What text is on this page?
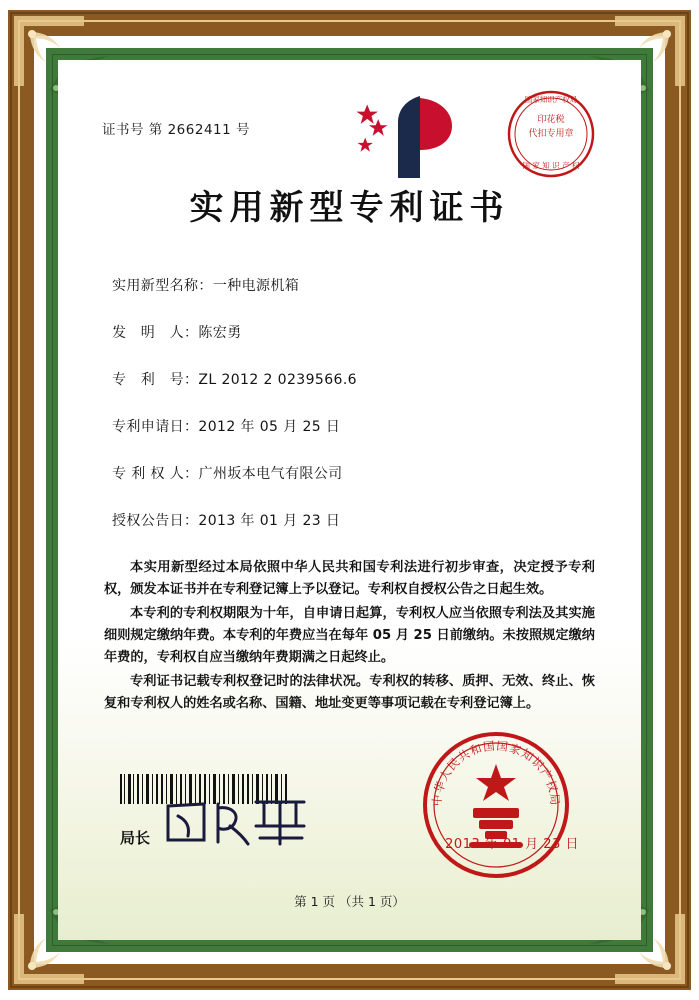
证书号 第 2662411 号
印花税
代扣专用章
国家知识产权局
国 家 知 识 产 权
实用新型专利证书
实用新型名称：一种电源机箱
发　明　人：陈宏勇
专　利　号：ZL 2012 2 0239566.6
专利申请日：2012 年 05 月 25 日
专 利 权 人：广州坂本电气有限公司
授权公告日：2013 年 01 月 23 日

本实用新型经过本局依照中华人民共和国专利法进行初步审查，决定授予专利权，颁发本证书并在专利登记簿上予以登记。专利权自授权公告之日起生效。

本专利的专利权期限为十年，自申请日起算，专利权人应当依照专利法及其实施细则规定缴纳年费。本专利的年费应当在每年 05 月 25 日前缴纳。未按照规定缴纳年费的，专利权自应当缴纳年费期满之日起终止。

专利证书记载专利权登记时的法律状况。专利权的转移、质押、无效、终止、恢复和专利权人的姓名或名称、国籍、地址变更等事项记载在专利登记簿上。

局长
中华人民共和国国家知识产权局
2013 年 01 月 23 日
第 1 页 （共 1 页）
